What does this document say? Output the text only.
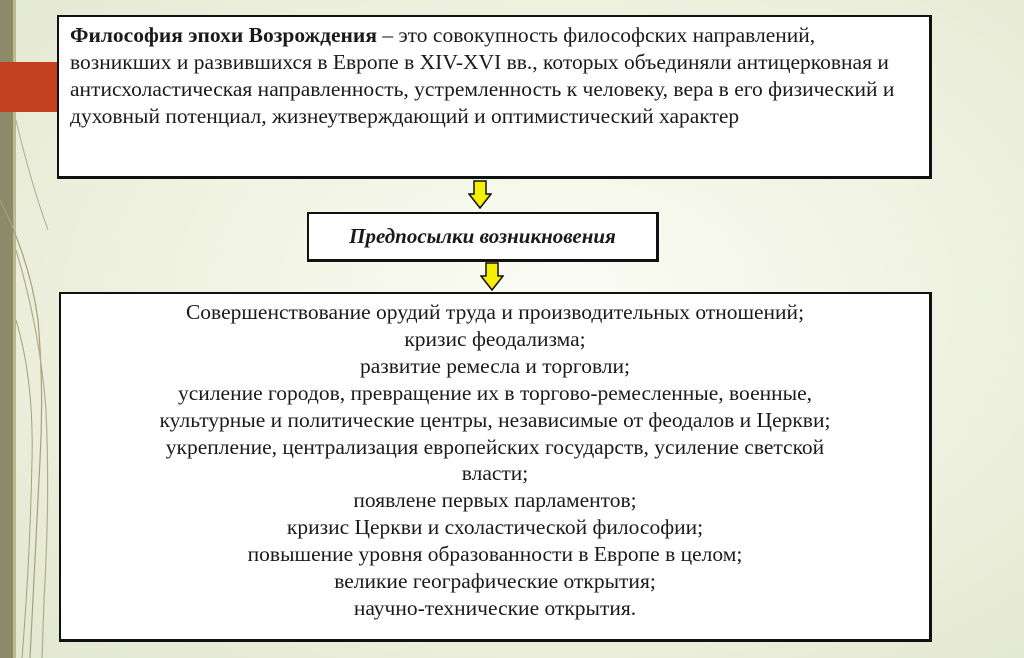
Философия эпохи Возрождения – это совокупность философских направлений, возникших и развившихся в Европе в XIV-XVI вв., которых объединяли антицерковная и антисхоластическая направленность, устремленность к человеку, вера в его физический и духовный потенциал, жизнеутверждающий и оптимистический характер
Предпосылки возникновения
Совершенствование орудий труда и производительных отношений;
кризис феодализма;
развитие ремесла и торговли;
усиление городов, превращение их в торгово-ремесленные, военные,
культурные и политические центры, независимые от феодалов и Церкви;
укрепление, централизация европейских государств, усиление светской
власти;
появлене первых парламентов;
кризис Церкви и схоластической философии;
повышение уровня образованности в Европе в целом;
великие географические открытия;
научно-технические открытия.
